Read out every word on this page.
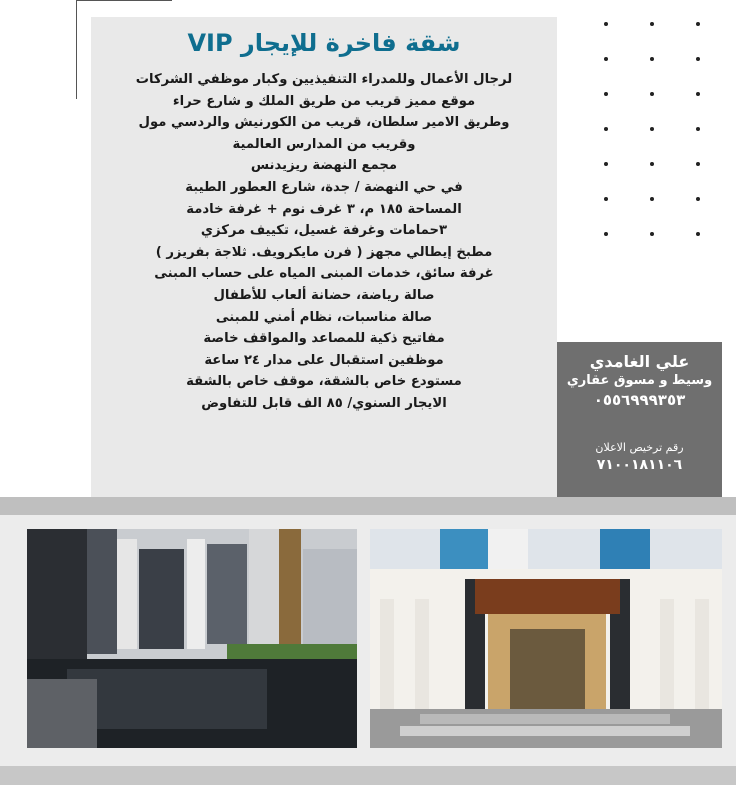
شقة فاخرة للإيجار VIP
لرجال الأعمال وللمدراء التنفيذيين وكبار موظفي الشركات
موقع مميز قريب من طريق الملك و شارع حراء
وطريق الامير سلطان، قريب من الكورنيش والردسي مول
وقريب من المدارس العالمية
مجمع النهضة ريزيدنس
في حي النهضة / جدة، شارع العطور الطيبة
المساحة ١٨٥ م، ٣ غرف نوم + غرفة خادمة
٣حمامات وغرفة غسيل، تكييف مركزي
مطبخ إيطالي مجهز ( فرن مايكرويف. ثلاجة بفريزر )
غرفة سائق، خدمات المبنى المياه على حساب المبنى
صالة رياضة، حضانة ألعاب للأطفال
صالة مناسبات، نظام أمني للمبنى
مفاتيح ذكية للمصاعد والمواقف خاصة
موظفين استقبال على مدار ٢٤ ساعة
مستودع خاص بالشقة، موقف خاص بالشقة
الايجار السنوي/ ٨٥ الف قابل للتفاوض
علي الغامدي
وسيط و مسوق عقاري
٠٥٥٦٩٩٩٣٥٣
رقم ترخيص الاعلان
٧١٠٠١٨١١٠٦
